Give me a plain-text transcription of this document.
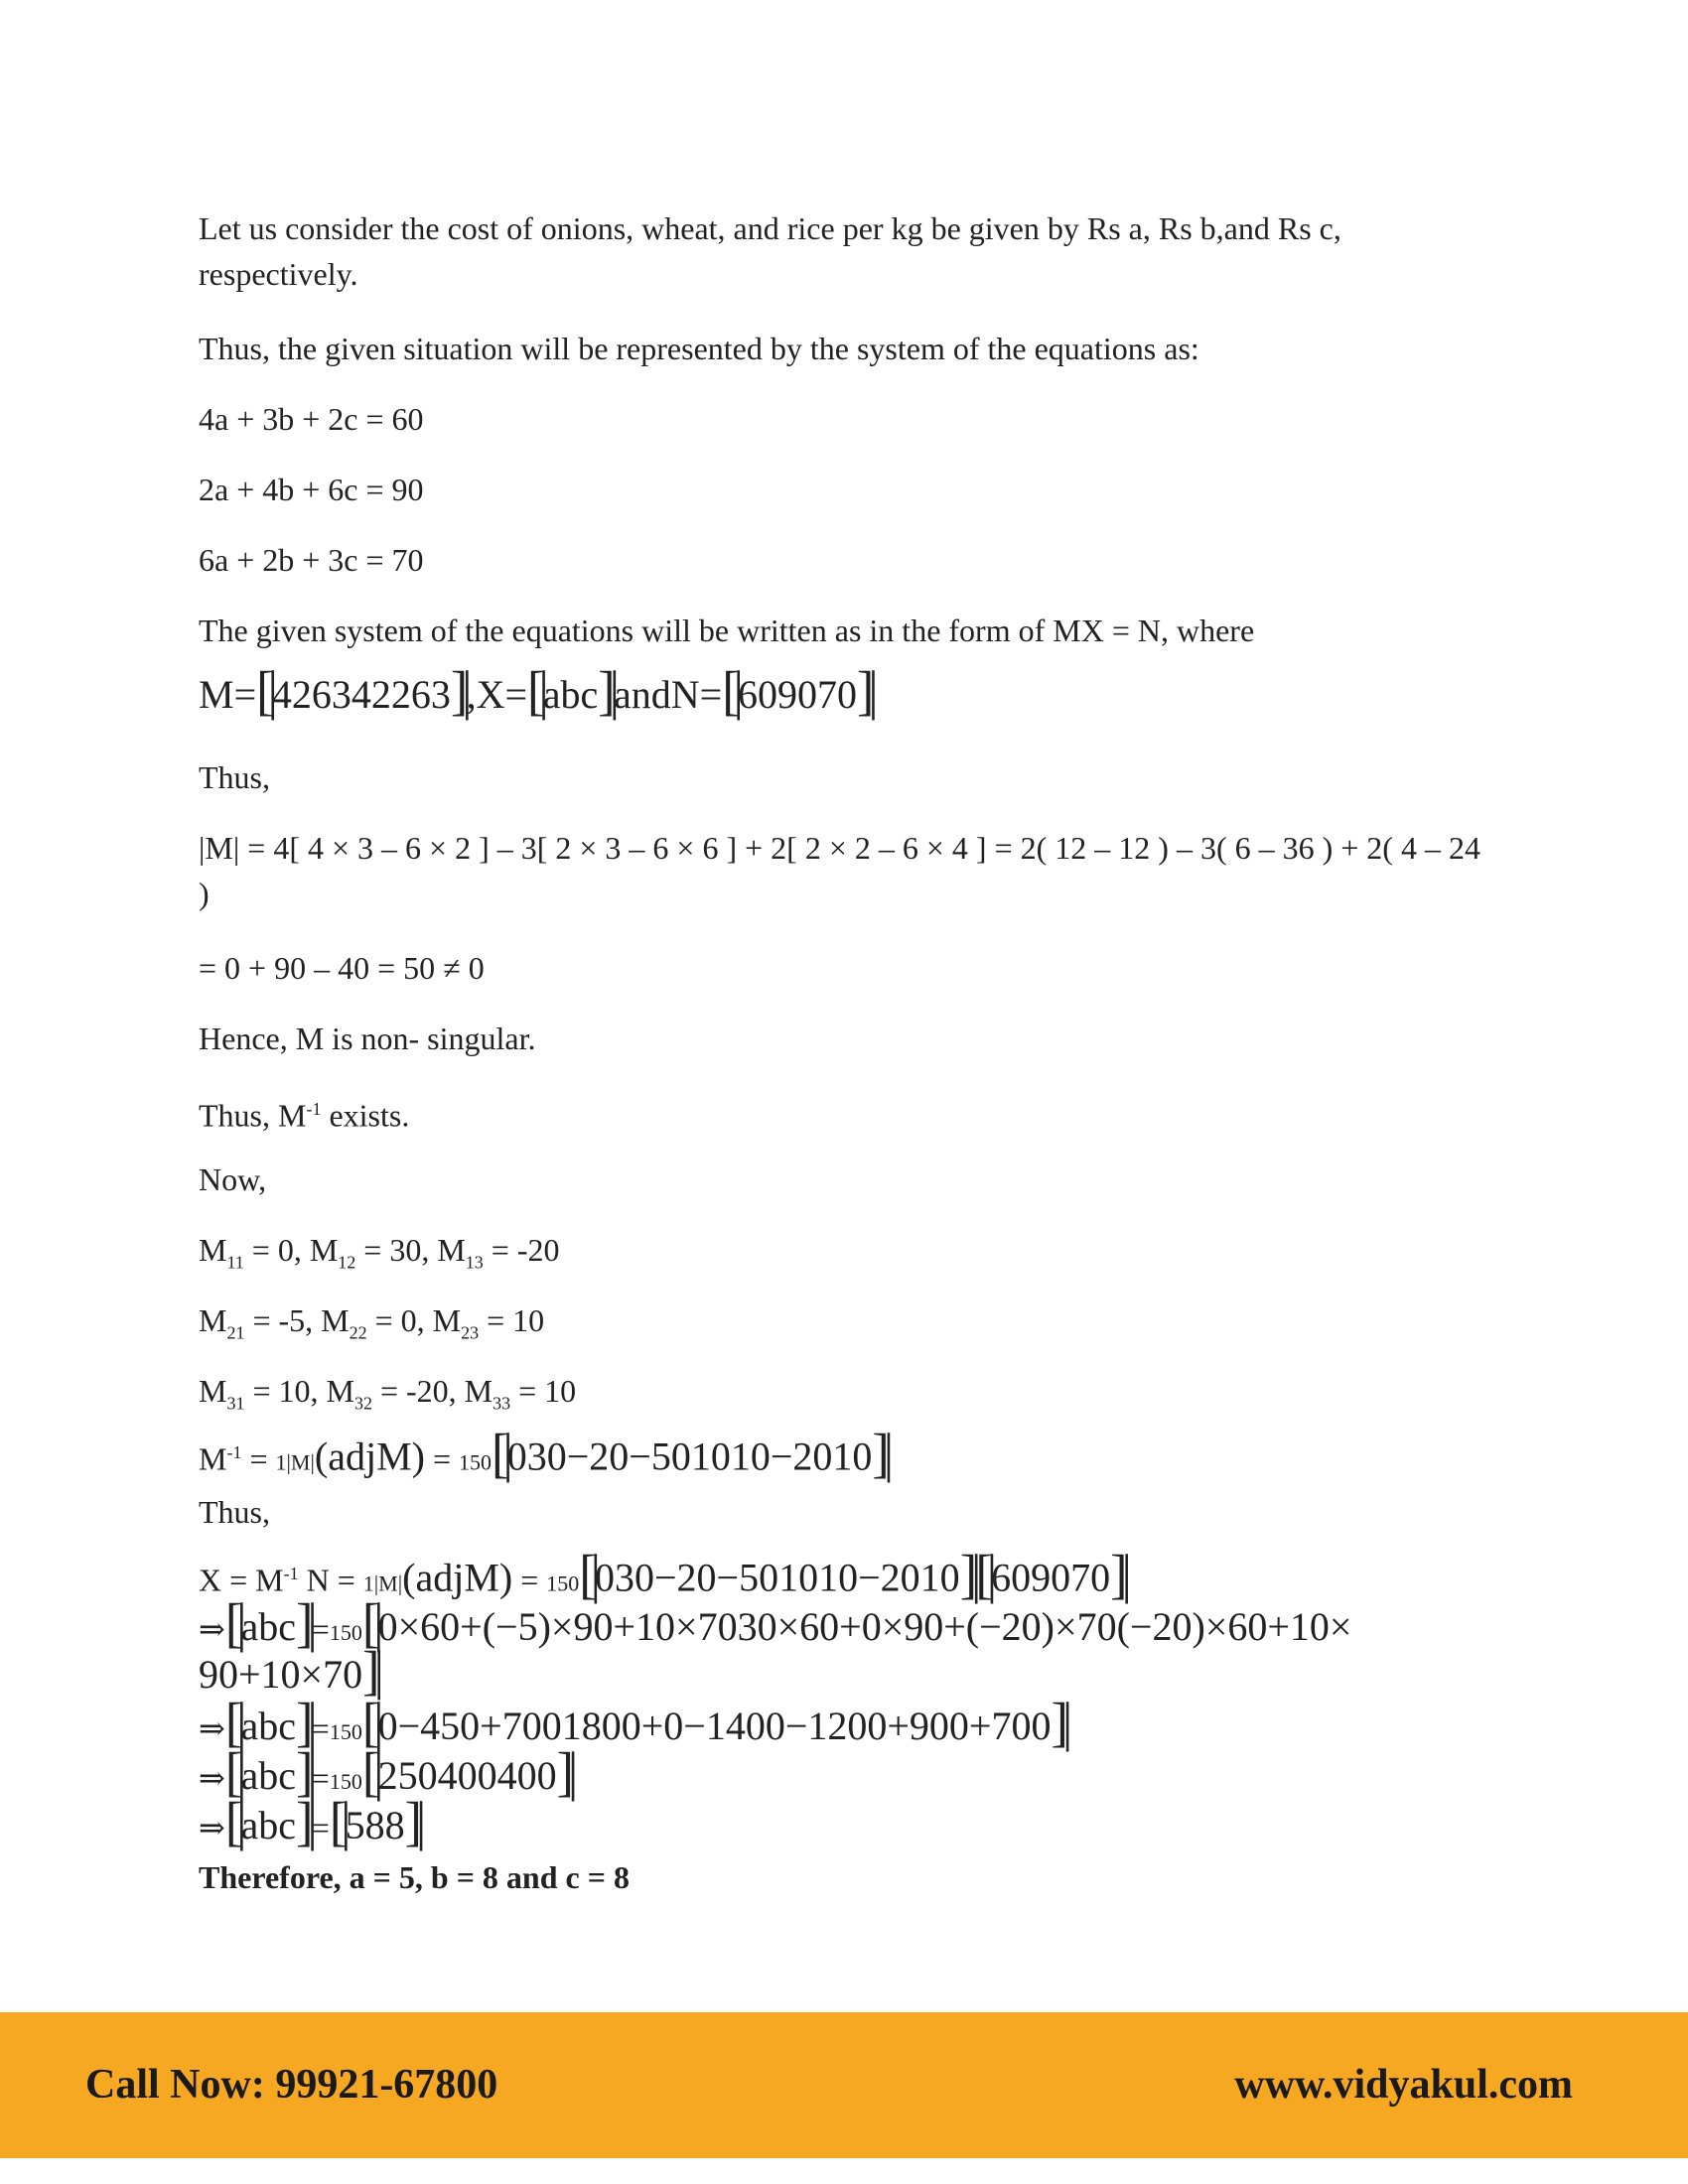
Let us consider the cost of onions, wheat, and rice per kg be given by Rs a, Rs b,and Rs c, respectively.
Thus, the given situation will be represented by the system of the equations as:
4a + 3b + 2c = 60
2a + 4b + 6c = 90
6a + 2b + 3c = 70
The given system of the equations will be written as in the form of MX = N, where
M=[|426342263]|,X=[|abc]|andN=[|609070]|
Thus,
|M| = 4[ 4 × 3 – 6 × 2 ] – 3[ 2 × 3 – 6 × 6 ] + 2[ 2 × 2 – 6 × 4 ] = 2( 12 – 12 ) – 3( 6 – 36 ) + 2( 4 – 24 )
= 0 + 90 – 40 = 50 ≠ 0
Hence, M is non- singular.
Thus, $M^{-1}$ exists.
Now,
$M_{11} = 0$, $M_{12} = 30$, $M_{13} = -20$
$M_{21} = -5$, $M_{22} = 0$, $M_{23} = 10$
$M_{31} = 10$, $M_{32} = -20$, $M_{33} = 10$
$M^{-1}$ = 1|M|(adjM) = 150[|030−20−501010−2010]|
Thus,
$X = M^{-1}$ N = 1|M|(adjM) = 150[|030−20−501010−2010]|[|609070]|
⇒[|abc]|=150[|0×60+(−5)×90+10×7030×60+0×90+(−20)×70(−20)×60+10×
90+10×70]|
⇒[|abc]|=150[|0−450+7001800+0−1400−1200+900+700]|
⇒[|abc]|=150[|250400400]|
⇒[|abc]|=[|588]|
Therefore, a = 5, b = 8 and c = 8
Call Now: 99921-67800	www.vidyakul.com
